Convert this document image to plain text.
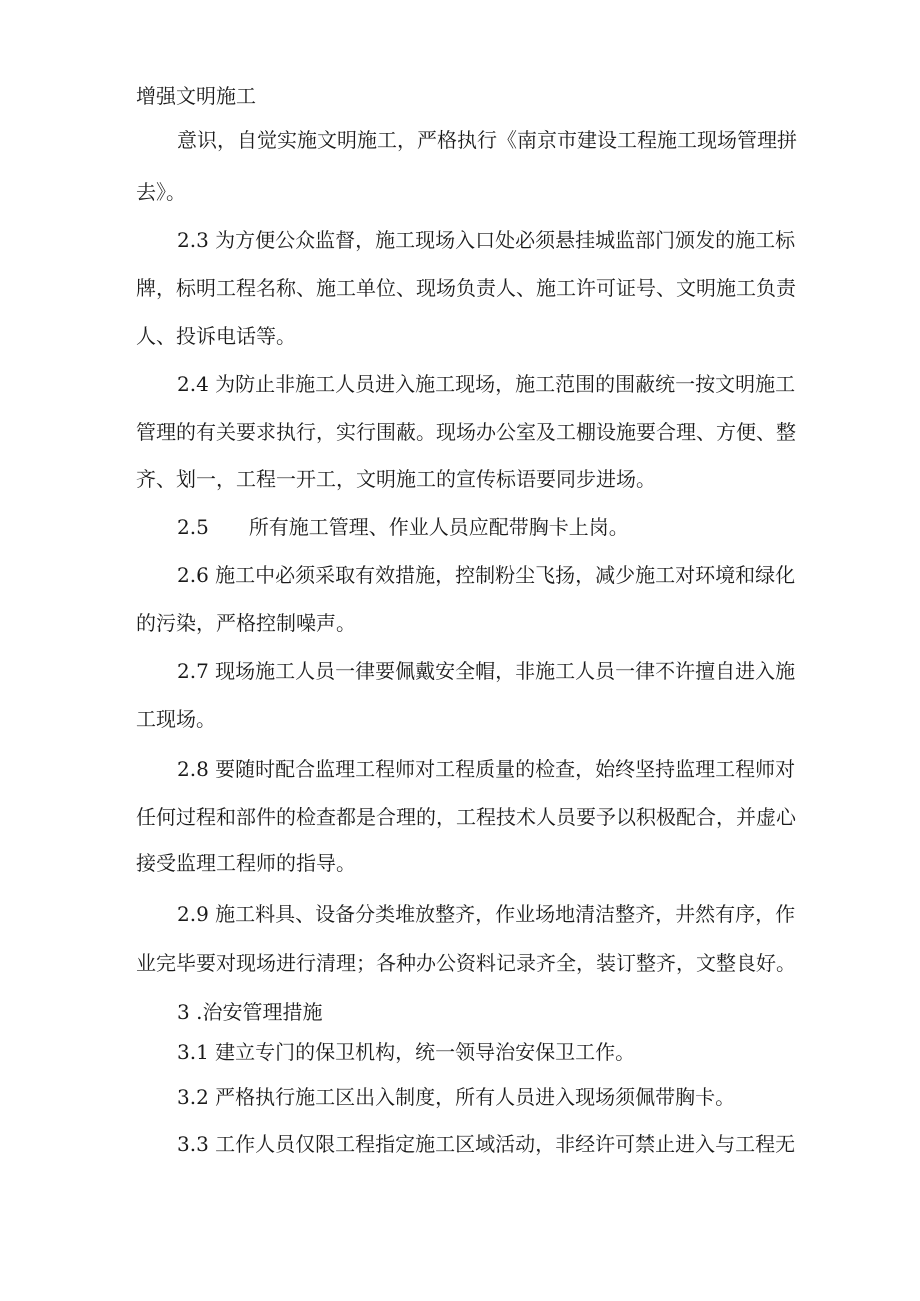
增强文明施工
意识，自觉实施文明施工，严格执行《南京市建设工程施工现场管理拼
去》。
2.3 为方便公众监督，施工现场入口处必须悬挂城监部门颁发的施工标
牌，标明工程名称、施工单位、现场负责人、施工许可证号、文明施工负责
人、投诉电话等。
2.4 为防止非施工人员进入施工现场，施工范围的围蔽统一按文明施工
管理的有关要求执行，实行围蔽。现场办公室及工棚设施要合理、方便、整
齐、划一，工程一开工，文明施工的宣传标语要同步进场。
2.5 所有施工管理、作业人员应配带胸卡上岗。
2.6 施工中必须采取有效措施，控制粉尘飞扬，减少施工对环境和绿化
的污染，严格控制噪声。
2.7 现场施工人员一律要佩戴安全帽，非施工人员一律不许擅自进入施
工现场。
2.8 要随时配合监理工程师对工程质量的检查，始终坚持监理工程师对
任何过程和部件的检查都是合理的，工程技术人员要予以积极配合，并虚心
接受监理工程师的指导。
2.9 施工料具、设备分类堆放整齐，作业场地清洁整齐，井然有序，作
业完毕要对现场进行清理；各种办公资料记录齐全，装订整齐，文整良好。
3 .治安管理措施
3.1 建立专门的保卫机构，统一领导治安保卫工作。
3.2 严格执行施工区出入制度，所有人员进入现场须佩带胸卡。
3.3 工作人员仅限工程指定施工区域活动，非经许可禁止进入与工程无
